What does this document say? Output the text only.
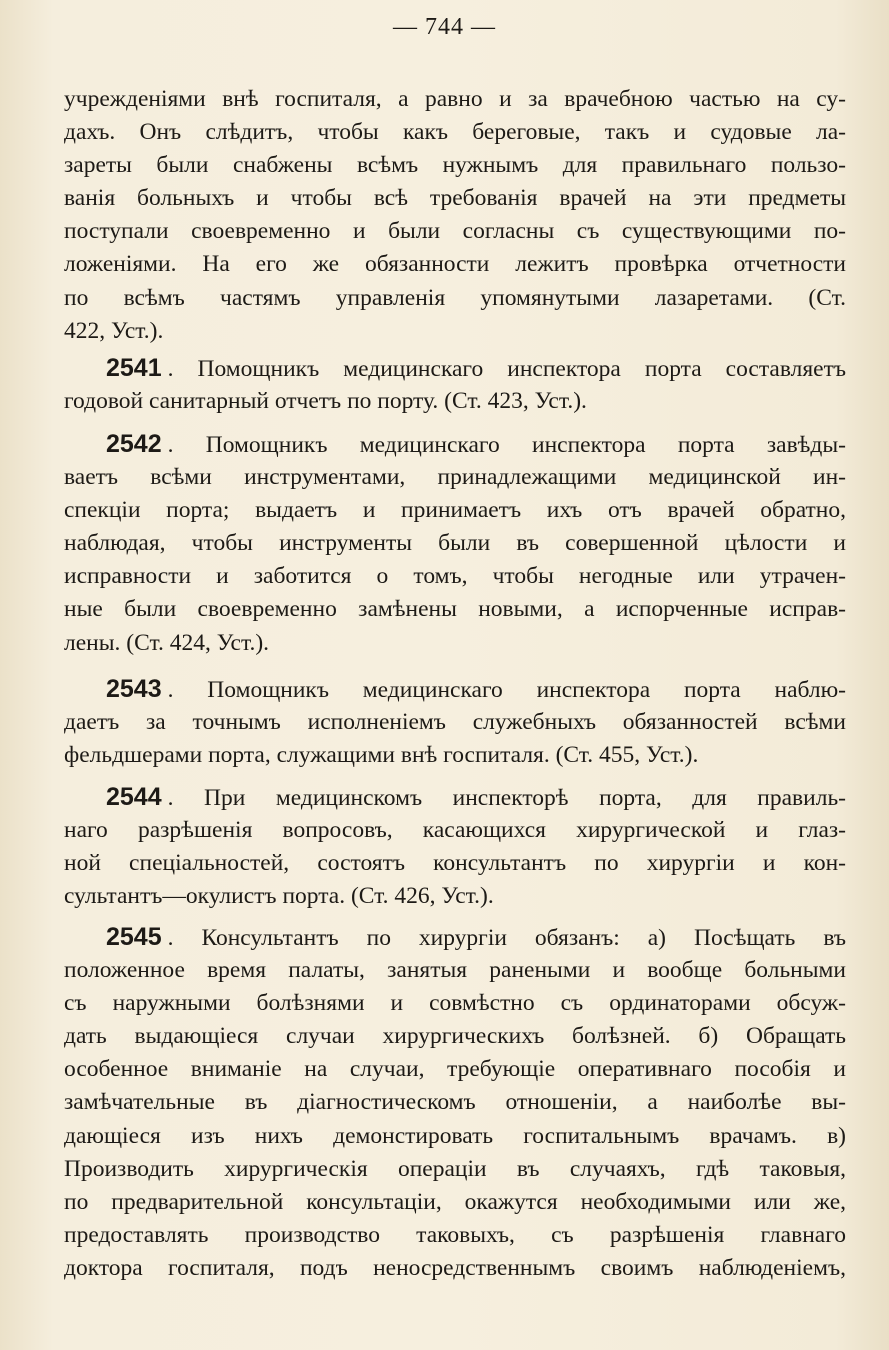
— 744 —
учрежденіями внѣ госпиталя, а равно и за врачебною частью на су-
дахъ. Онъ слѣдитъ, чтобы какъ береговые, такъ и судовые ла-
зареты были снабжены всѣмъ нужнымъ для правильнаго пользо-
ванія больныхъ и чтобы всѣ требованія врачей на эти предметы
поступали своевременно и были согласны съ существующими по-
ложеніями. На его же обязанности лежитъ провѣрка отчетности
по всѣмъ частямъ управленія упомянутыми лазаретами. (Ст.
422, Уст.).
2541 . Помощникъ медицинскаго инспектора порта составляетъ
годовой санитарный отчетъ по порту. (Ст. 423, Уст.).
2542 . Помощникъ медицинскаго инспектора порта завѣды-
ваетъ всѣми инструментами, принадлежащими медицинской ин-
спекціи порта; выдаетъ и принимаетъ ихъ отъ врачей обратно,
наблюдая, чтобы инструменты были въ совершенной цѣлости и
исправности и заботится о томъ, чтобы негодные или утрачен-
ные были своевременно замѣнены новыми, а испорченные исправ-
лены. (Ст. 424, Уст.).
2543 . Помощникъ медицинскаго инспектора порта наблю-
даетъ за точнымъ исполненіемъ служебныхъ обязанностей всѣми
фельдшерами порта, служащими внѣ госпиталя. (Ст. 455, Уст.).
2544 . При медицинскомъ инспекторѣ порта, для правиль-
наго разрѣшенія вопросовъ, касающихся хирургической и глаз-
ной спеціальностей, состоятъ консультантъ по хирургіи и кон-
сультантъ—окулистъ порта. (Ст. 426, Уст.).
2545 . Консультантъ по хирургіи обязанъ: а) Посѣщать въ
положенное время палаты, занятыя ранеными и вообще больными
съ наружными болѣзнями и совмѣстно съ ординаторами обсуж-
дать выдающіеся случаи хирургическихъ болѣзней. б) Обращать
особенное вниманіе на случаи, требующіе оперативнаго пособія и
замѣчательные въ діагностическомъ отношеніи, а наиболѣе вы-
дающіеся изъ нихъ демонстировать госпитальнымъ врачамъ. в)
Производить хирургическія операціи въ случаяхъ, гдѣ таковыя,
по предварительной консультаціи, окажутся необходимыми или же,
предоставлять производство таковыхъ, съ разрѣшенія главнаго
доктора госпиталя, подъ неносредственнымъ своимъ наблюденіемъ,
